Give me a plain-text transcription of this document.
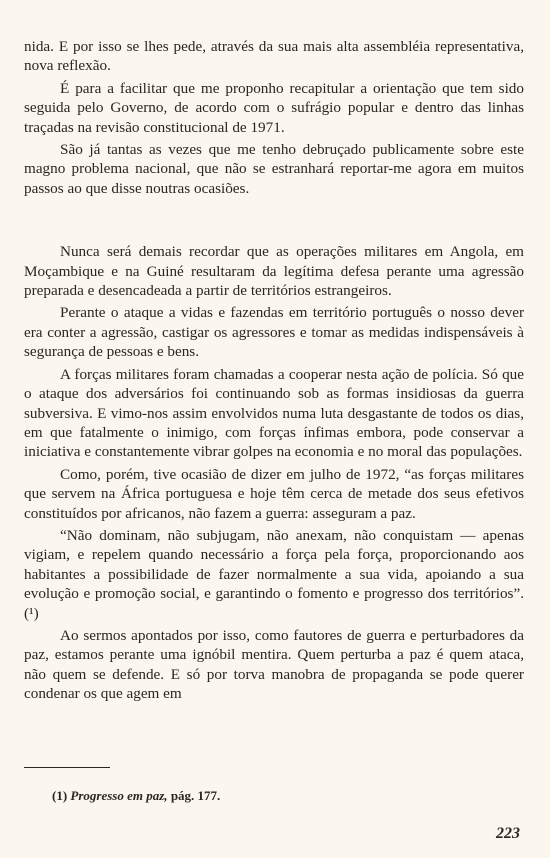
nida. E por isso se lhes pede, através da sua mais alta assembléia representativa, nova reflexão.

É para a facilitar que me proponho recapitular a orientação que tem sido seguida pelo Governo, de acordo com o sufrágio popular e dentro das linhas traçadas na revisão constitucional de 1971.

São já tantas as vezes que me tenho debruçado publicamente sobre este magno problema nacional, que não se estranhará reportar-me agora em muitos passos ao que disse noutras ocasiões.

Nunca será demais recordar que as operações militares em Angola, em Moçambique e na Guiné resultaram da legítima defesa perante uma agressão preparada e desencadeada a partir de territórios estrangeiros.

Perante o ataque a vidas e fazendas em território português o nosso dever era conter a agressão, castigar os agressores e tomar as medidas indispensáveis à segurança de pessoas e bens.

A forças militares foram chamadas a cooperar nesta ação de polícia. Só que o ataque dos adversários foi continuando sob as formas insidiosas da guerra subversiva. E vimo-nos assim envolvidos numa luta desgastante de todos os dias, em que fatalmente o inimigo, com forças ínfimas embora, pode conservar a iniciativa e constantemente vibrar golpes na economia e no moral das populações.

Como, porém, tive ocasião de dizer em julho de 1972, “as forças militares que servem na África portuguesa e hoje têm cerca de metade dos seus efetivos constituídos por africanos, não fazem a guerra: asseguram a paz.

“Não dominam, não subjugam, não anexam, não conquistam — apenas vigiam, e repelem quando necessário a força pela força, proporcionando aos habitantes a possibilidade de fazer normalmente a sua vida, apoiando a sua evolução e promoção social, e garantindo o fomento e progresso dos territórios”. (¹)

Ao sermos apontados por isso, como fautores de guerra e perturbadores da paz, estamos perante uma ignóbil mentira. Quem perturba a paz é quem ataca, não quem se defende. E só por torva manobra de propaganda se pode querer condenar os que agem em

(1) Progresso em paz, pág. 177.
223
